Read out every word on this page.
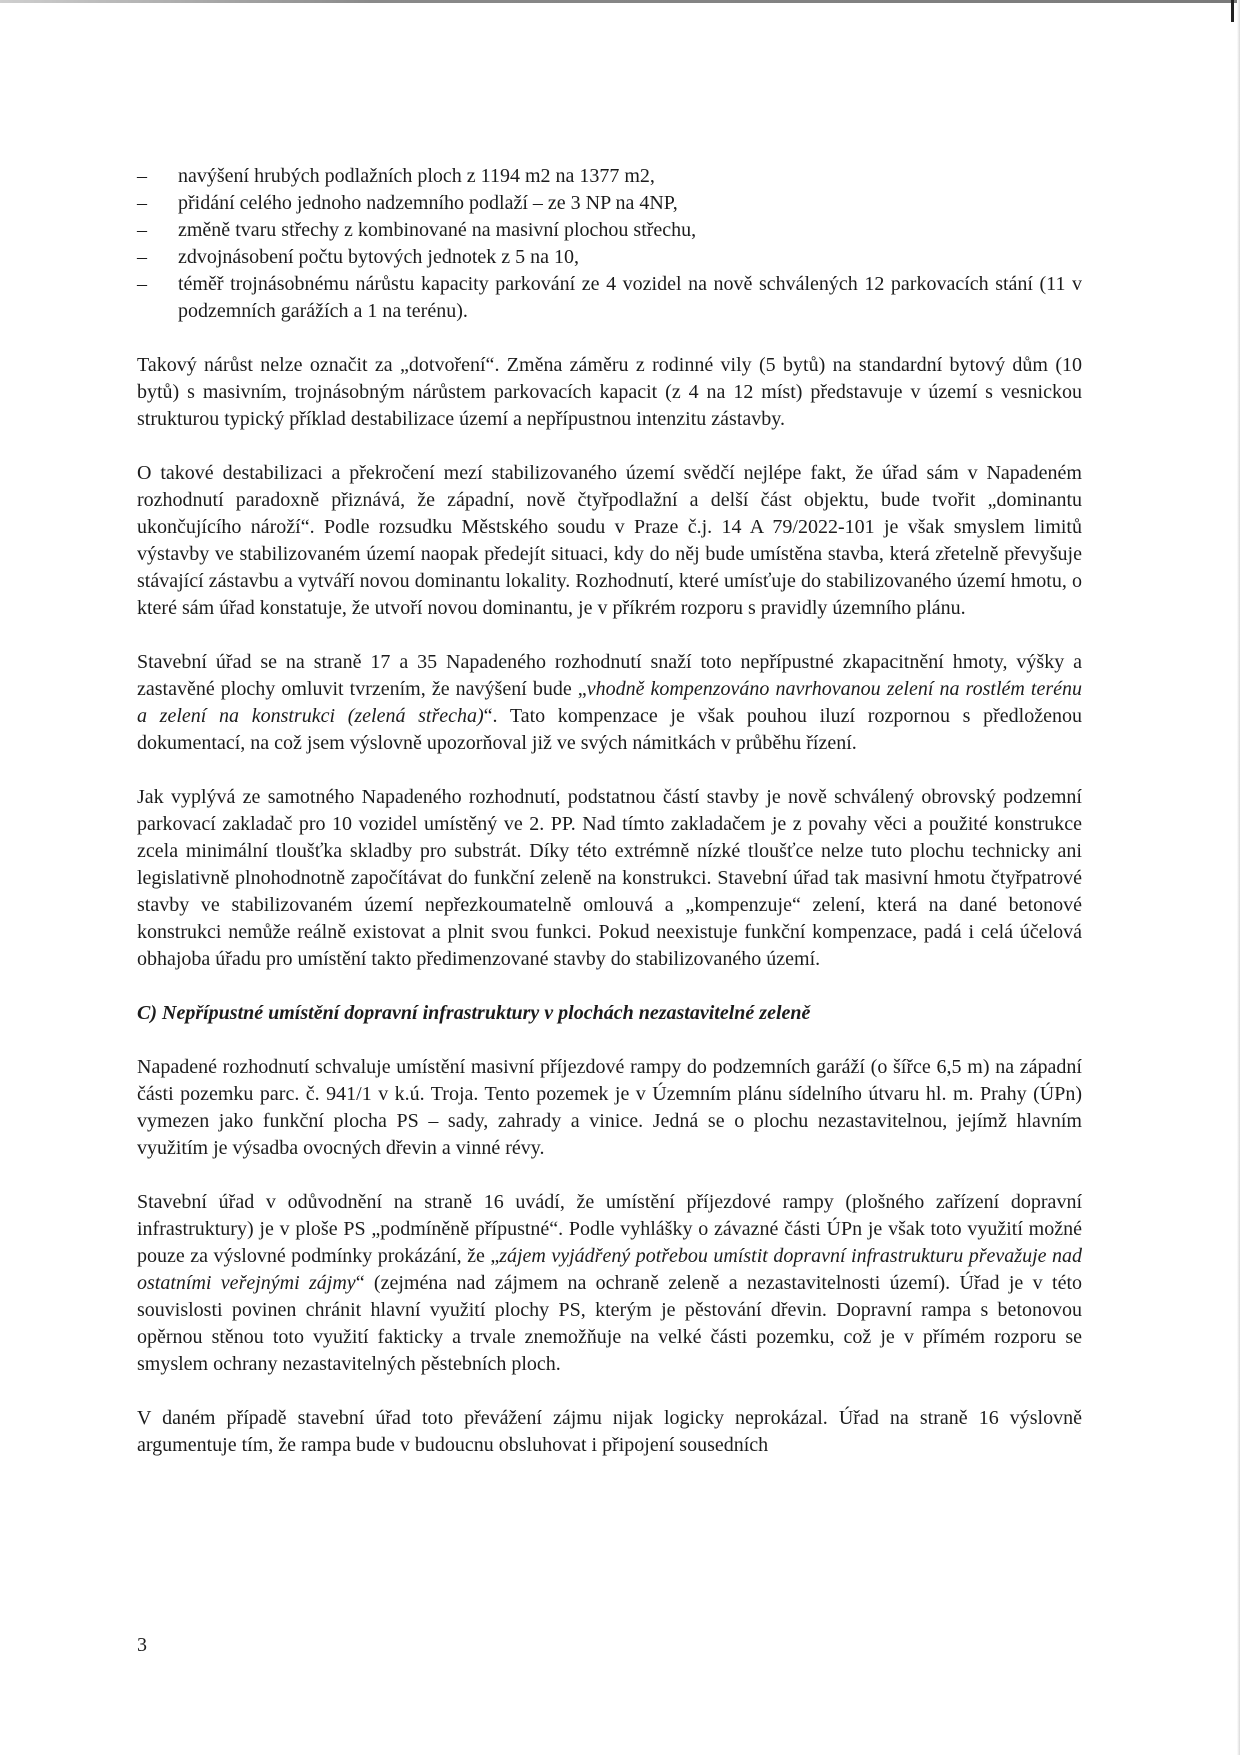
– navýšení hrubých podlažních ploch z 1194 m2 na 1377 m2,
– přidání celého jednoho nadzemního podlaží – ze 3 NP na 4NP,
– změně tvaru střechy z kombinované na masivní plochou střechu,
– zdvojnásobení počtu bytových jednotek z 5 na 10,
– téměř trojnásobnému nárůstu kapacity parkování ze 4 vozidel na nově schválených 12 parkovacích stání (11 v podzemních garážích a 1 na terénu).

Takový nárůst nelze označit za „dotvoření“. Změna záměru z rodinné vily (5 bytů) na standardní bytový dům (10 bytů) s masivním, trojnásobným nárůstem parkovacích kapacit (z 4 na 12 míst) představuje v území s vesnickou strukturou typický příklad destabilizace území a nepřípustnou intenzitu zástavby.

O takové destabilizaci a překročení mezí stabilizovaného území svědčí nejlépe fakt, že úřad sám v Napadeném rozhodnutí paradoxně přiznává, že západní, nově čtyřpodlažní a delší část objektu, bude tvořit „dominantu ukončujícího nároží“. Podle rozsudku Městského soudu v Praze č.j. 14 A 79/2022-101 je však smyslem limitů výstavby ve stabilizovaném území naopak předejít situaci, kdy do něj bude umístěna stavba, která zřetelně převyšuje stávající zástavbu a vytváří novou dominantu lokality. Rozhodnutí, které umísťuje do stabilizovaného území hmotu, o které sám úřad konstatuje, že utvoří novou dominantu, je v příkrém rozporu s pravidly územního plánu.

Stavební úřad se na straně 17 a 35 Napadeného rozhodnutí snaží toto nepřípustné zkapacitnění hmoty, výšky a zastavěné plochy omluvit tvrzením, že navýšení bude „vhodně kompenzováno navrhovanou zelení na rostlém terénu a zelení na konstrukci (zelená střecha)“. Tato kompenzace je však pouhou iluzí rozpornou s předloženou dokumentací, na což jsem výslovně upozorňoval již ve svých námitkách v průběhu řízení.

Jak vyplývá ze samotného Napadeného rozhodnutí, podstatnou částí stavby je nově schválený obrovský podzemní parkovací zakladač pro 10 vozidel umístěný ve 2. PP. Nad tímto zakladačem je z povahy věci a použité konstrukce zcela minimální tloušťka skladby pro substrát. Díky této extrémně nízké tloušťce nelze tuto plochu technicky ani legislativně plnohodnotně započítávat do funkční zeleně na konstrukci. Stavební úřad tak masivní hmotu čtyřpatrové stavby ve stabilizovaném území nepřezkoumatelně omlouvá a „kompenzuje“ zelení, která na dané betonové konstrukci nemůže reálně existovat a plnit svou funkci. Pokud neexistuje funkční kompenzace, padá i celá účelová obhajoba úřadu pro umístění takto předimenzované stavby do stabilizovaného území.

C) Nepřípustné umístění dopravní infrastruktury v plochách nezastavitelné zeleně

Napadené rozhodnutí schvaluje umístění masivní příjezdové rampy do podzemních garáží (o šířce 6,5 m) na západní části pozemku parc. č. 941/1 v k.ú. Troja. Tento pozemek je v Územním plánu sídelního útvaru hl. m. Prahy (ÚPn) vymezen jako funkční plocha PS – sady, zahrady a vinice. Jedná se o plochu nezastavitelnou, jejímž hlavním využitím je výsadba ovocných dřevin a vinné révy.

Stavební úřad v odůvodnění na straně 16 uvádí, že umístění příjezdové rampy (plošného zařízení dopravní infrastruktury) je v ploše PS „podmíněně přípustné“. Podle vyhlášky o závazné části ÚPn je však toto využití možné pouze za výslovné podmínky prokázání, že „zájem vyjádřený potřebou umístit dopravní infrastrukturu převažuje nad ostatními veřejnými zájmy“ (zejména nad zájmem na ochraně zeleně a nezastavitelnosti území). Úřad je v této souvislosti povinen chránit hlavní využití plochy PS, kterým je pěstování dřevin. Dopravní rampa s betonovou opěrnou stěnou toto využití fakticky a trvale znemožňuje na velké části pozemku, což je v přímém rozporu se smyslem ochrany nezastavitelných pěstebních ploch.

V daném případě stavební úřad toto převážení zájmu nijak logicky neprokázal. Úřad na straně 16 výslovně argumentuje tím, že rampa bude v budoucnu obsluhovat i připojení sousedních

3
